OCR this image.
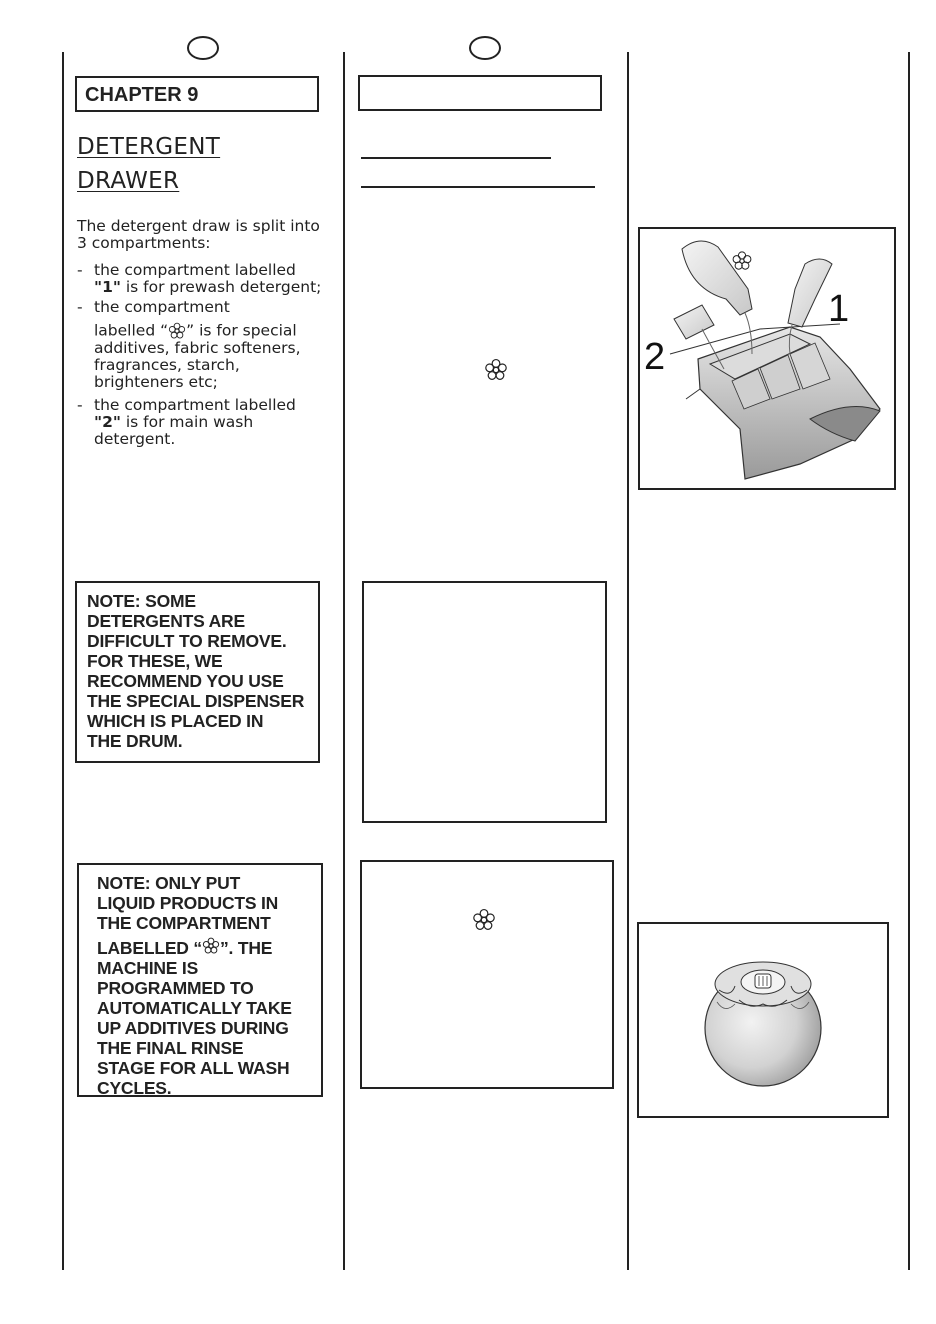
CHAPTER 9
DETERGENT
DRAWER

The detergent draw is split into 3 compartments:

- the compartment labelled
"1" is for prewash detergent;
- the compartment

labelled “ ” is for special additives, fabric softeners, fragrances, starch, brighteners etc;
- the compartment labelled
"2" is for main wash detergent.
NOTE: SOME
DETERGENTS ARE
DIFFICULT TO REMOVE.
FOR THESE, WE
RECOMMEND YOU USE
THE SPECIAL DISPENSER
WHICH IS PLACED IN
THE DRUM.
NOTE: ONLY PUT
LIQUID PRODUCTS IN
THE COMPARTMENT
LABELLED “ ”. THE
MACHINE IS
PROGRAMMED TO
AUTOMATICALLY TAKE
UP ADDITIVES DURING
THE FINAL RINSE
STAGE FOR ALL WASH
CYCLES.
1
2
